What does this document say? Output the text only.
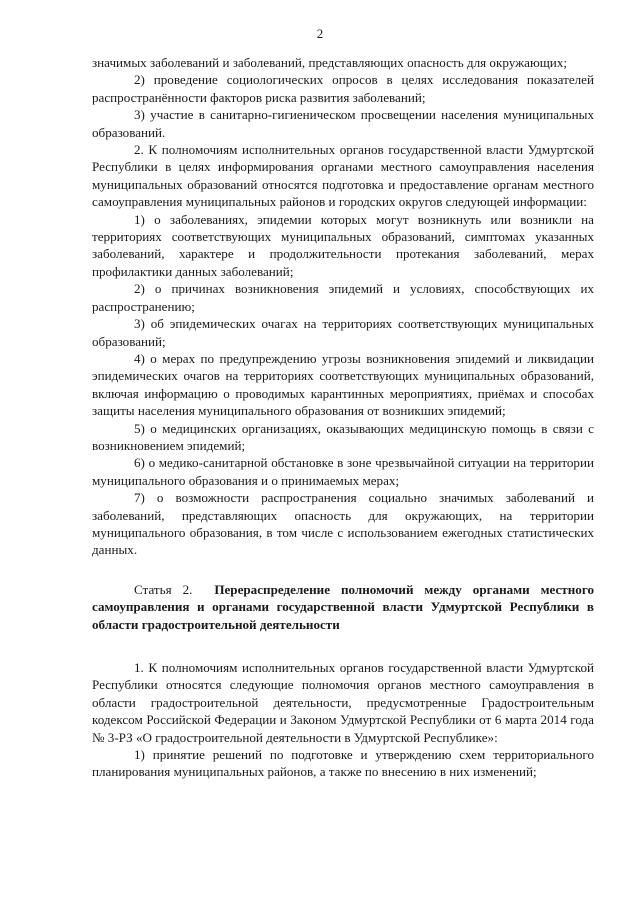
2

значимых заболеваний и заболеваний, представляющих опасность для окружающих;

2) проведение социологических опросов в целях исследования показателей распространённости факторов риска развития заболеваний;

3) участие в санитарно-гигиеническом просвещении населения муниципальных образований.

2. К полномочиям исполнительных органов государственной власти Удмуртской Республики в целях информирования органами местного самоуправления населения муниципальных образований относятся подготовка и предоставление органам местного самоуправления муниципальных районов и городских округов следующей информации:

1) о заболеваниях, эпидемии которых могут возникнуть или возникли на территориях соответствующих муниципальных образований, симптомах указанных заболеваний, характере и продолжительности протекания заболеваний, мерах профилактики данных заболеваний;

2) о причинах возникновения эпидемий и условиях, способствующих их распространению;

3) об эпидемических очагах на территориях соответствующих муниципальных образований;

4) о мерах по предупреждению угрозы возникновения эпидемий и ликвидации эпидемических очагов на территориях соответствующих муниципальных образований, включая информацию о проводимых карантинных мероприятиях, приёмах и способах защиты населения муниципального образования от возникших эпидемий;

5) о медицинских организациях, оказывающих медицинскую помощь в связи с возникновением эпидемий;

6) о медико-санитарной обстановке в зоне чрезвычайной ситуации на территории муниципального образования и о принимаемых мерах;

7) о возможности распространения социально значимых заболеваний и заболеваний, представляющих опасность для окружающих, на территории муниципального образования, в том числе с использованием ежегодных статистических данных.

Статья 2. Перераспределение полномочий между органами местного самоуправления и органами государственной власти Удмуртской Республики в области градостроительной деятельности

1. К полномочиям исполнительных органов государственной власти Удмуртской Республики относятся следующие полномочия органов местного самоуправления в области градостроительной деятельности, предусмотренные Градостроительным кодексом Российской Федерации и Законом Удмуртской Республики от 6 марта 2014 года № 3-РЗ «О градостроительной деятельности в Удмуртской Республике»:

1) принятие решений по подготовке и утверждению схем территориального планирования муниципальных районов, а также по внесению в них изменений;
